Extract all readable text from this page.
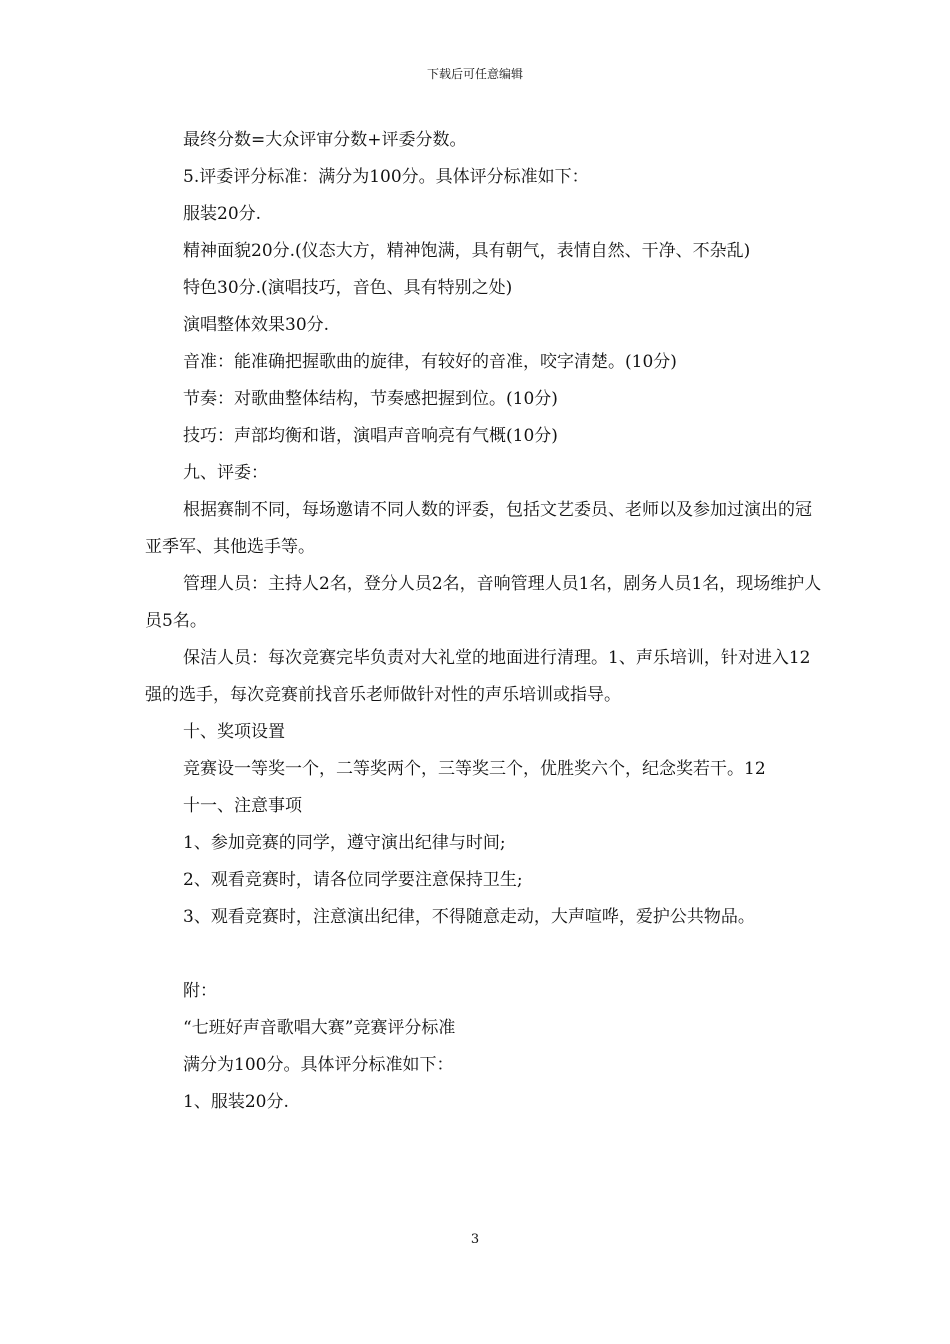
下载后可任意编辑

最终分数=大众评审分数+评委分数。

5.评委评分标准：满分为100分。具体评分标准如下：

服装20分.

精神面貌20分.(仪态大方，精神饱满，具有朝气，表情自然、干净、不杂乱)

特色30分.(演唱技巧，音色、具有特别之处)

演唱整体效果30分.

音准：能准确把握歌曲的旋律，有较好的音准，咬字清楚。(10分)

节奏：对歌曲整体结构，节奏感把握到位。(10分)

技巧：声部均衡和谐，演唱声音响亮有气概(10分)

九、评委：

根据赛制不同，每场邀请不同人数的评委，包括文艺委员、老师以及参加过演出的冠亚季军、其他选手等。

管理人员：主持人2名，登分人员2名，音响管理人员1名，剧务人员1名，现场维护人员5名。

保洁人员：每次竞赛完毕负责对大礼堂的地面进行清理。1、声乐培训，针对进入12强的选手，每次竞赛前找音乐老师做针对性的声乐培训或指导。

十、奖项设置

竞赛设一等奖一个，二等奖两个，三等奖三个，优胜奖六个，纪念奖若干。12

十一、注意事项

1、参加竞赛的同学，遵守演出纪律与时间;

2、观看竞赛时，请各位同学要注意保持卫生;

3、观看竞赛时，注意演出纪律，不得随意走动，大声喧哗，爱护公共物品。

附：

“七班好声音歌唱大赛”竞赛评分标准

满分为100分。具体评分标准如下：

1、服装20分.

3
